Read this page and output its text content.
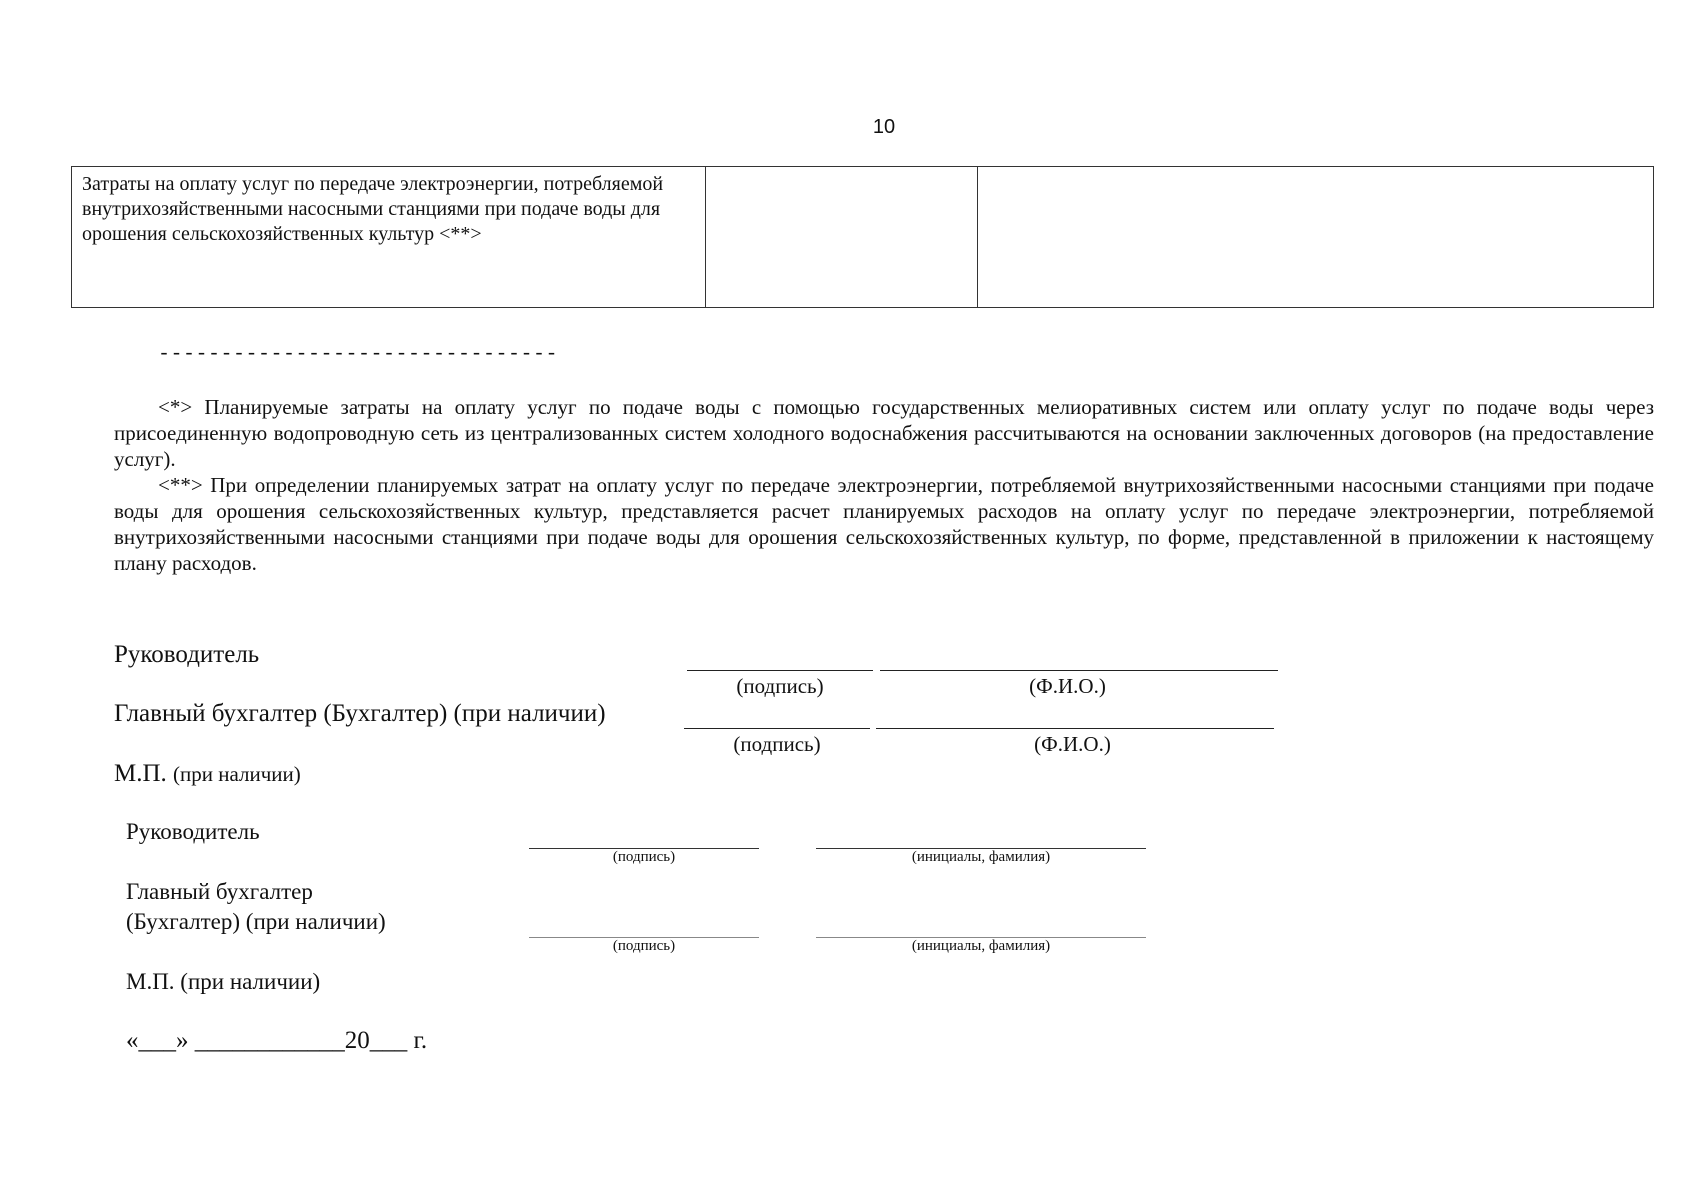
10
Затраты на оплату услуг по передаче электроэнергии, потребляемой внутрихозяйственными насосными станциями при подаче воды для орошения сельскохозяйственных культур <**>
--------------------------------

<*> Планируемые затраты на оплату услуг по подаче воды с помощью государственных мелиоративных систем или оплату услуг по подаче воды через присоединенную водопроводную сеть из централизованных систем холодного водоснабжения рассчитываются на основании заключенных договоров (на предоставление услуг).

<**> При определении планируемых затрат на оплату услуг по передаче электроэнергии, потребляемой внутрихозяйственными насосными станциями при подаче воды для орошения сельскохозяйственных культур, представляется расчет планируемых расходов на оплату услуг по передаче электроэнергии, потребляемой внутрихозяйственными насосными станциями при подаче воды для орошения сельскохозяйственных культур, по форме, представленной в приложении к настоящему плану расходов.

Руководитель
(подпись)	(Ф.И.О.)
Главный бухгалтер (Бухгалтер) (при наличии)
(подпись)	(Ф.И.О.)
М.П. (при наличии)
Руководитель
(подпись)	(инициалы, фамилия)
Главный бухгалтер
(Бухгалтер) (при наличии)
(подпись)	(инициалы, фамилия)
М.П. (при наличии)
«___» ____________20___ г.
